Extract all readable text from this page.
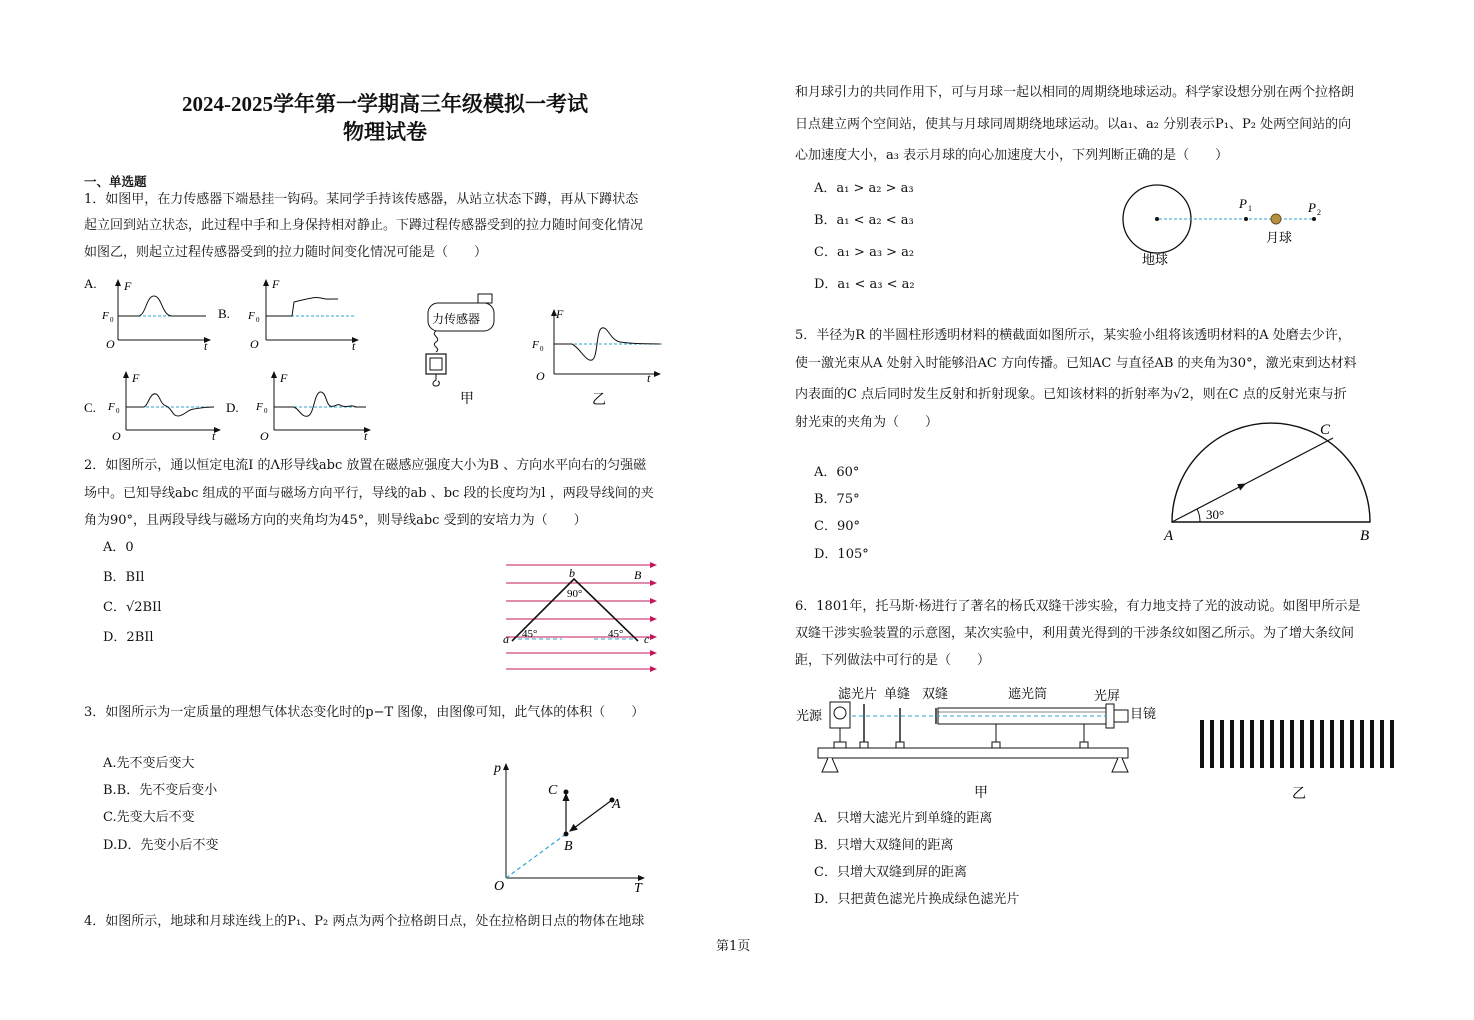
2024-2025学年第一学期高三年级模拟一考试
物理试卷
一、单选题
1．如图甲，在力传感器下端悬挂一钩码。某同学手持该传感器，从站立状态下蹲，再从下蹲状态
起立回到站立状态，此过程中手和上身保持相对静止。下蹲过程传感器受到的拉力随时间变化情况
如图乙，则起立过程传感器受到的拉力随时间变化情况可能是（　　）
A. F
t
O
F 0	B.
F
t
O
F 0	力传感器
甲
F
t
O
F 0
乙
C.
F
t
O
F 0	D.
F
t
O
F 0
2．如图所示，通以恒定电流I 的Λ形导线abc 放置在磁感应强度大小为B 、方向水平向右的匀强磁
场中。已知导线abc 组成的平面与磁场方向平行，导线的ab 、bc 段的长度均为l ，两段导线间的夹
角为90°，且两段导线与磁场方向的夹角均为45°，则导线abc 受到的安培力为（　　）
A．0
B．BIl
C．√2BIl
D．2BIl	a
b
c
B
90°
45°	45°
3．如图所示为一定质量的理想气体状态变化时的p−T 图像，由图像可知，此气体的体积（　　）
A.先不变后变大
B.B．先不变后变小
C.先变大后不变
D.D．先变小后不变
p
T
O
A
B
C
4．如图所示，地球和月球连线上的P₁、P₂ 两点为两个拉格朗日点，处在拉格朗日点的物体在地球
第1页
和月球引力的共同作用下，可与月球一起以相同的周期绕地球运动。科学家设想分别在两个拉格朗
日点建立两个空间站，使其与月球同周期绕地球运动。以a₁、a₂ 分别表示P₁、P₂ 处两空间站的向
心加速度大小，a₃ 表示月球的向心加速度大小，下列判断正确的是（　　）
A．a₁ > a₂ > a₃
B．a₁ < a₂ < a₃
C．a₁ > a₃ > a₂
D．a₁ < a₃ < a₂
地球
月球
P 1	P 2
5．半径为R 的半圆柱形透明材料的横截面如图所示，某实验小组将该透明材料的A 处磨去少许，
使一激光束从A 处射入时能够沿AC 方向传播。已知AC 与直径AB 的夹角为30°，激光束到达材料
内表面的C 点后同时发生反射和折射现象。已知该材料的折射率为√2，则在C 点的反射光束与折
射光束的夹角为（　　）
A．60°
B．75°
C．90°
D．105°
30°
A	B
C
6．1801年，托马斯·杨进行了著名的杨氏双缝干涉实验，有力地支持了光的波动说。如图甲所示是
双缝干涉实验装置的示意图，某次实验中，利用黄光得到的干涉条纹如图乙所示。为了增大条纹间
距，下列做法中可行的是（　　）
光源
滤光片 单缝 双缝	遮光筒	光屏
目镜
甲	乙
A．只增大滤光片到单缝的距离
B．只增大双缝间的距离
C．只增大双缝到屏的距离
D．只把黄色滤光片换成绿色滤光片
